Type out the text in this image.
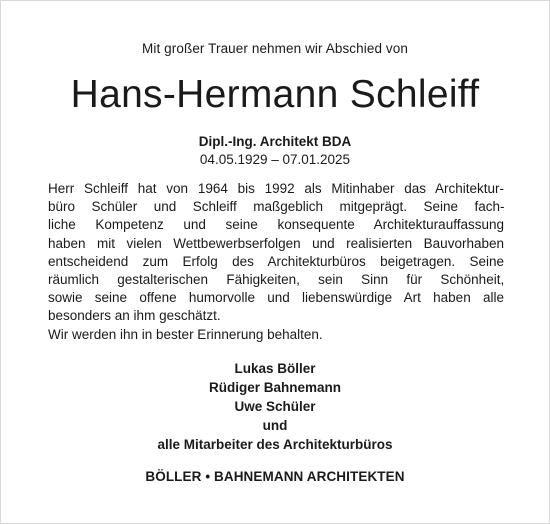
Mit großer Trauer nehmen wir Abschied von
Hans-Hermann Schleiff
Dipl.-Ing. Architekt BDA
04.05.1929 – 07.01.2025
Herr Schleiff hat von 1964 bis 1992 als Mitinhaber das Architektur-
büro Schüler und Schleiff maßgeblich mitgeprägt. Seine fach-
liche Kompetenz und seine konsequente Architekturauffassung
haben mit vielen Wettbewerbserfolgen und realisierten Bauvorhaben
entscheidend zum Erfolg des Architekturbüros beigetragen. Seine
räumlich gestalterischen Fähigkeiten, sein Sinn für Schönheit,
sowie seine offene humorvolle und liebenswürdige Art haben alle
besonders an ihm geschätzt.
Wir werden ihn in bester Erinnerung behalten.
Lukas Böller
Rüdiger Bahnemann
Uwe Schüler
und
alle Mitarbeiter des Architekturbüros
BÖLLER • BAHNEMANN ARCHITEKTEN
